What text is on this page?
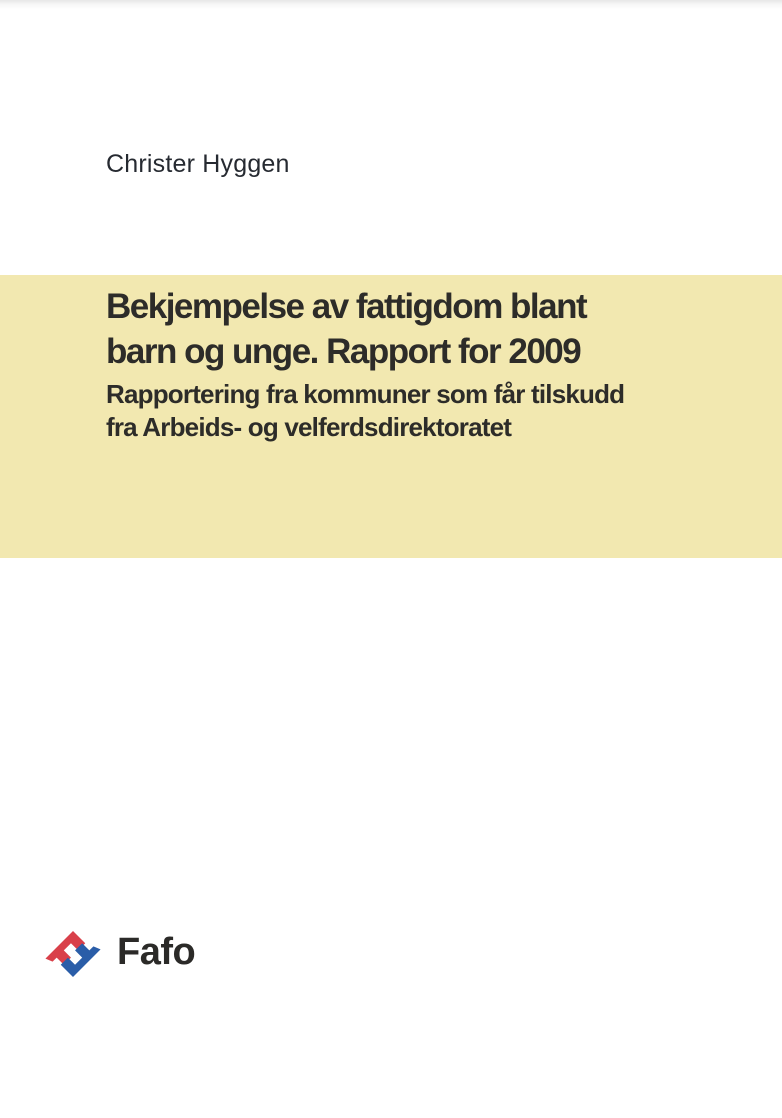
Christer Hyggen
Bekjempelse av fattigdom blant
barn og unge. Rapport for 2009
Rapportering fra kommuner som får tilskudd
fra Arbeids- og velferdsdirektoratet
Fafo
